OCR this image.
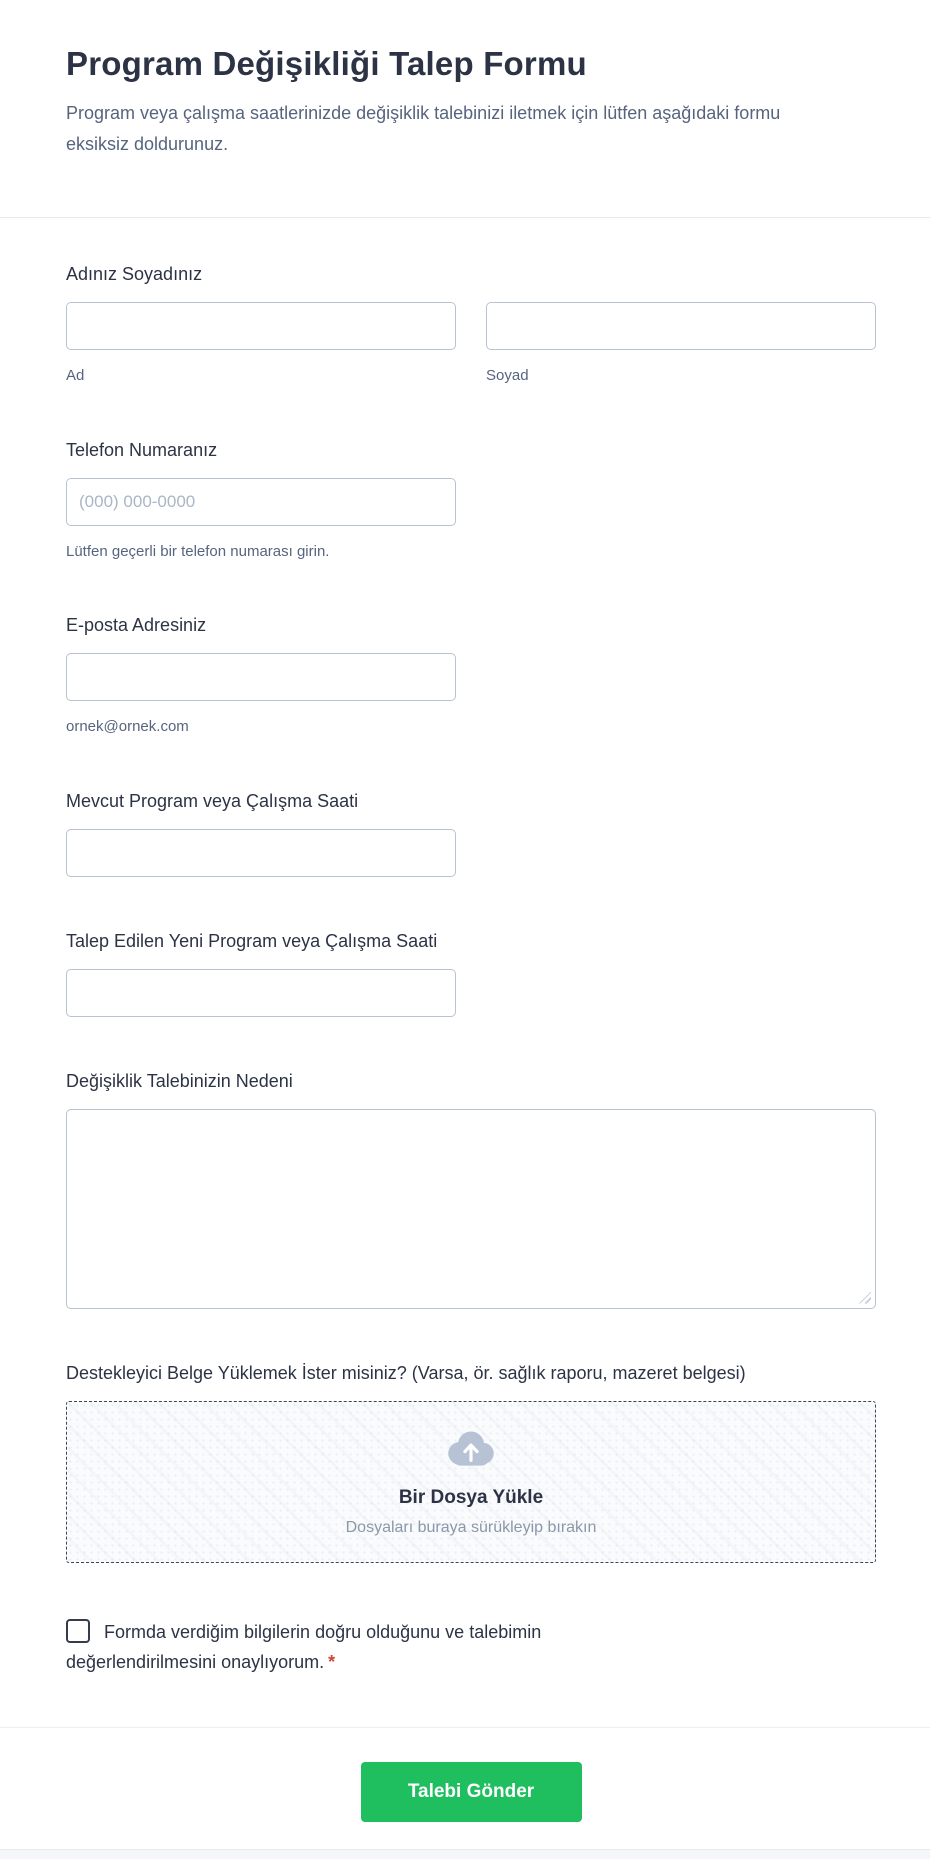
Program Değişikliği Talep Formu

Program veya çalışma saatlerinizde değişiklik talebinizi iletmek için lütfen aşağıdaki formu eksiksiz doldurunuz.

Adınız Soyadınız
Ad	Soyad
Telefon Numaranız
(000) 000-0000
Lütfen geçerli bir telefon numarası girin.
E-posta Adresiniz
ornek@ornek.com
Mevcut Program veya Çalışma Saati
Talep Edilen Yeni Program veya Çalışma Saati
Değişiklik Talebinizin Nedeni
Destekleyici Belge Yüklemek İster misiniz? (Varsa, ör. sağlık raporu, mazeret belgesi)
Bir Dosya Yükle
Dosyaları buraya sürükleyip bırakın
Formda verdiğim bilgilerin doğru olduğunu ve talebimin değerlendirilmesini onaylıyorum. *
Talebi Gönder
